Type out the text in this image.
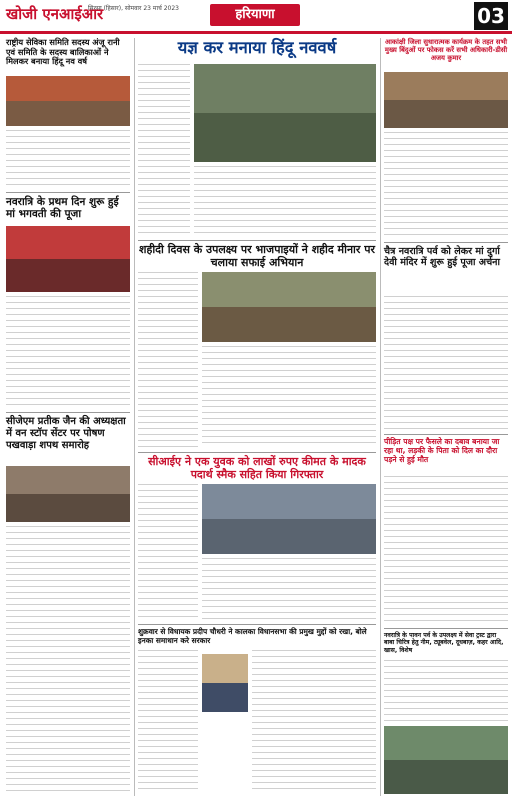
खोजी एनआईआर
सिरसा (हिसार), सोमवार 23 मार्च 2023	हरियाणा	03
राष्ट्रीय सेविका समिति सदस्य अंजू रानी एवं समिति के सदस्य बालिकाओं ने मिलकर बनाया हिंदू नव वर्ष
नवरात्रि के प्रथम दिन शुरू हुई मां भगवती की पूजा
सीजेएम प्रतीक जैन की अध्यक्षता में वन स्टॉप सेंटर पर पोषण पखवाड़ा शपथ समारोह
यज्ञ कर मनाया हिंदू नववर्ष
शहीदी दिवस के उपलक्ष्य पर भाजपाइयों ने शहीद मीनार पर चलाया सफाई अभियान
सीआईए ने एक युवक को लाखों रुपए कीमत के मादक पदार्थ स्मैक सहित किया गिरफ्तार
शुक्रवार से विधायक प्रदीप चौधरी ने कालका विधानसभा की प्रमुख मुद्दों को रखा, बोले इनका समाधान करे सरकार
आकांक्षी जिला सुधारात्मक कार्यक्रम के तहत सभी मुख्य बिंदुओं पर फोकस करें सभी अधिकारी-डीसी अजय कुमार
चैत्र नवरात्रि पर्व को लेकर मां दुर्गा देवी मंदिर में शुरू हुई पूजा अर्चना
पीड़ित पक्ष पर फैसले का दबाव बनाया जा रहा था, लड़की के पिता को दिल का दौरा पड़ने से हुई मौत
नवरात्रि के पावन पर्व के उपलक्ष्य में सेवा ट्रस्ट द्वारा बाबा चिरित्र हेतु नीम, ट्यूबवेल, दूधबाज़, कहर आदि, खास, विशेष
